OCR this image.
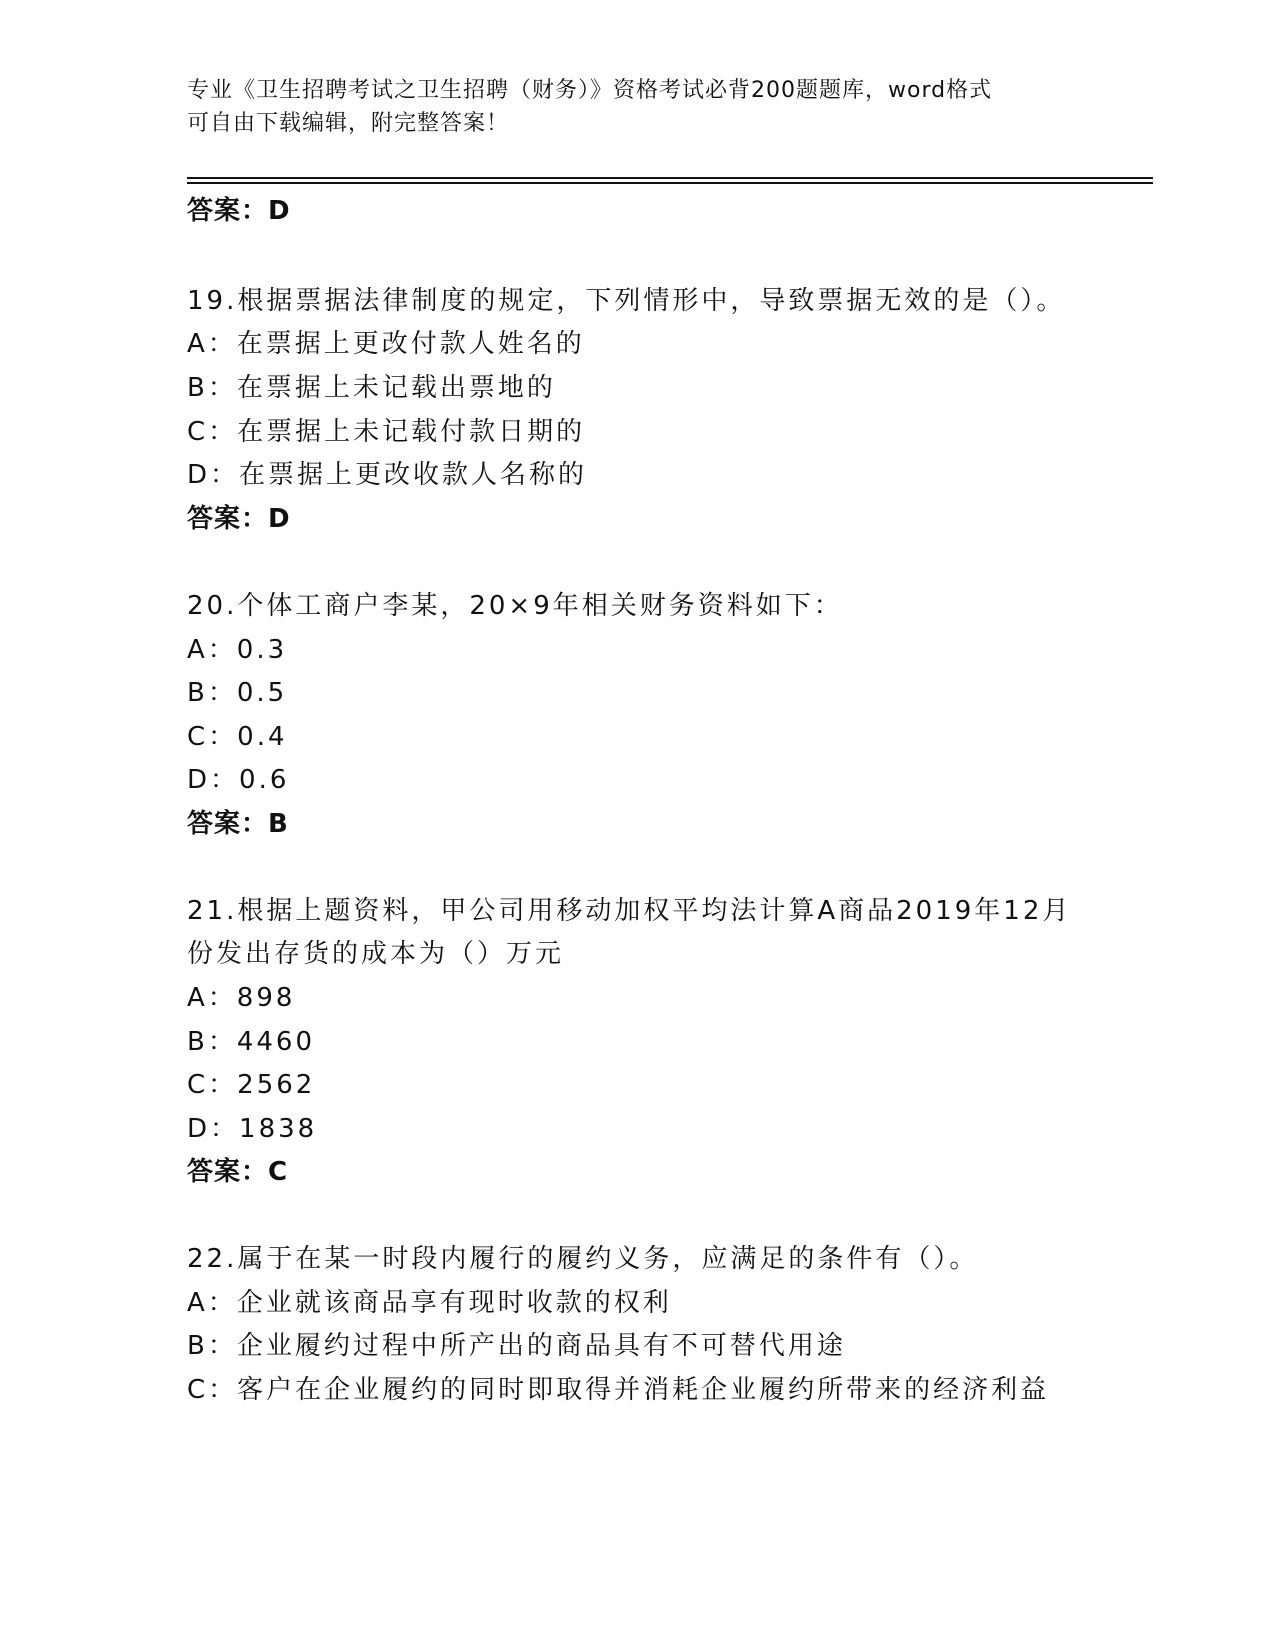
专业《卫生招聘考试之卫生招聘（财务）》资格考试必背200题题库，word格式
可自由下载编辑，附完整答案！
答案：D
19.根据票据法律制度的规定，下列情形中，导致票据无效的是（）。
A：在票据上更改付款人姓名的
B：在票据上未记载出票地的
C：在票据上未记载付款日期的
D：在票据上更改收款人名称的
答案：D
20.个体工商户李某，20×9年相关财务资料如下：
A：0.3
B：0.5
C：0.4
D：0.6
答案：B
21.根据上题资料，甲公司用移动加权平均法计算A商品2019年12月
份发出存货的成本为（）万元
A：898
B：4460
C：2562
D：1838
答案：C
22.属于在某一时段内履行的履约义务，应满足的条件有（）。
A：企业就该商品享有现时收款的权利
B：企业履约过程中所产出的商品具有不可替代用途
C：客户在企业履约的同时即取得并消耗企业履约所带来的经济利益
